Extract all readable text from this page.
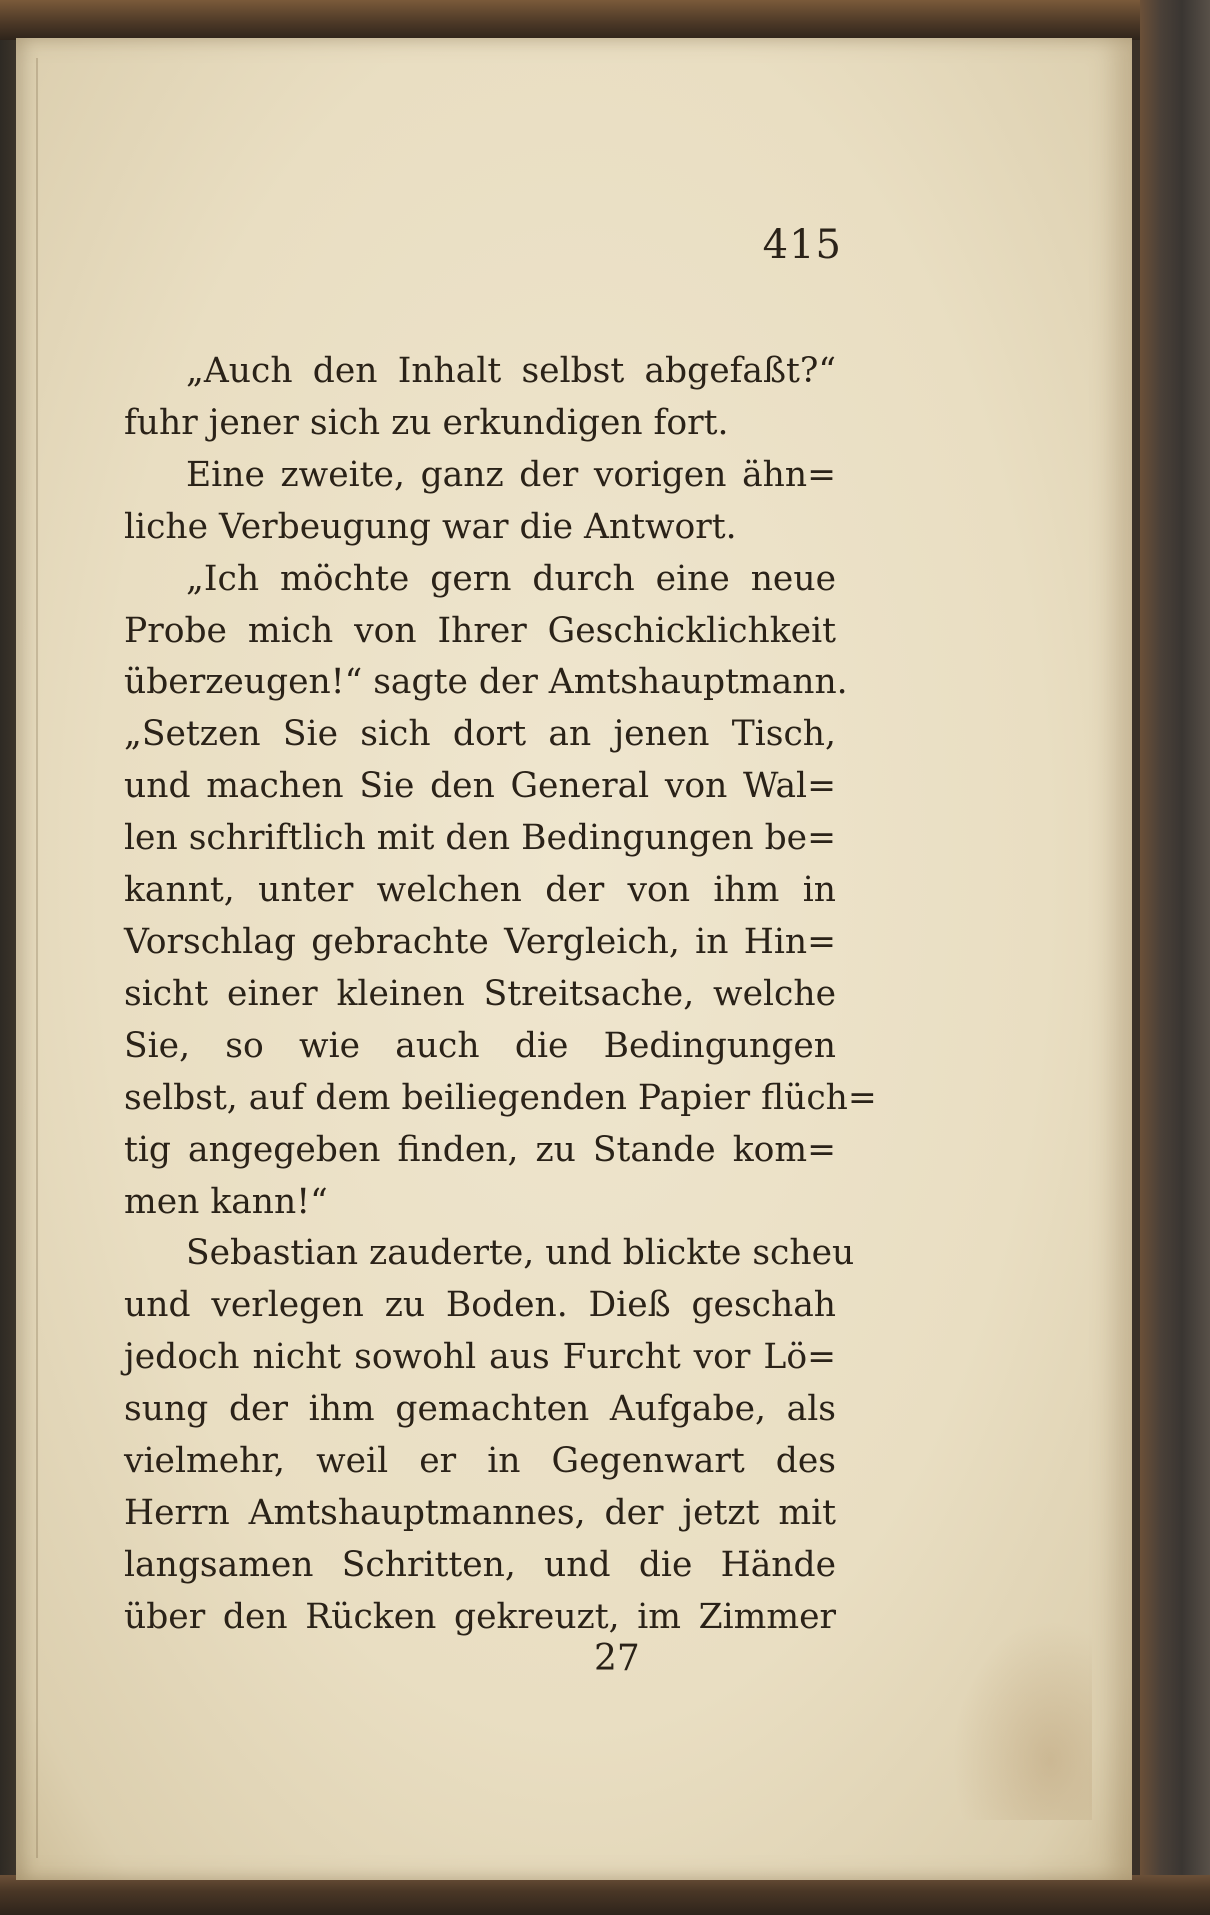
415
„Auch den Inhalt selbst abgefaßt?“
fuhr jener sich zu erkundigen fort.
Eine zweite, ganz der vorigen ähn=
liche Verbeugung war die Antwort.
„Ich möchte gern durch eine neue
Probe mich von Ihrer Geschicklichkeit
überzeugen!“ sagte der Amtshauptmann.
„Setzen Sie sich dort an jenen Tisch,
und machen Sie den General von Wal=
len schriftlich mit den Bedingungen be=
kannt, unter welchen der von ihm in
Vorschlag gebrachte Vergleich, in Hin=
sicht einer kleinen Streitsache, welche
Sie, so wie auch die Bedingungen
selbst, auf dem beiliegenden Papier flüch=
tig angegeben finden, zu Stande kom=
men kann!“
Sebastian zauderte, und blickte scheu
und verlegen zu Boden. Dieß geschah
jedoch nicht sowohl aus Furcht vor Lö=
sung der ihm gemachten Aufgabe, als
vielmehr, weil er in Gegenwart des
Herrn Amtshauptmannes, der jetzt mit
langsamen Schritten, und die Hände
über den Rücken gekreuzt, im Zimmer
27
